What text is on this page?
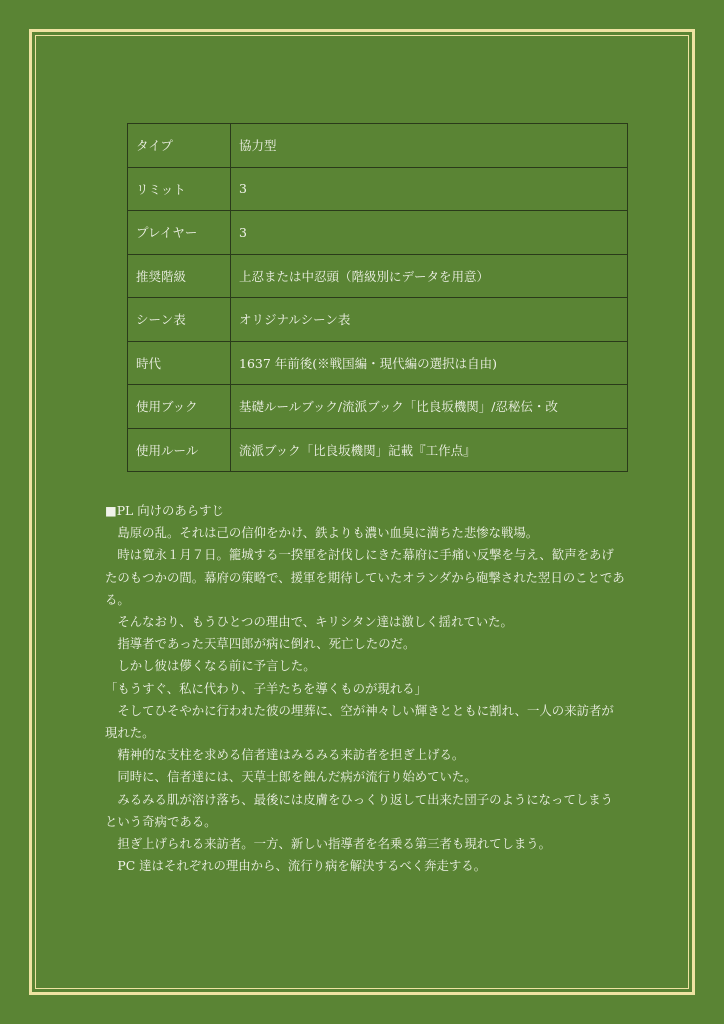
タイプ	協力型
リミット	3
プレイヤー	3
推奨階級	上忍または中忍頭（階級別にデータを用意）
シーン表	オリジナルシーン表
時代	1637 年前後(※戦国編・現代編の選択は自由)
使用ブック	基礎ルールブック/流派ブック「比良坂機関」/忍秘伝・改
使用ルール	流派ブック「比良坂機関」記載『工作点』

■PL 向けのあらすじ

島原の乱。それは己の信仰をかけ、鉄よりも濃い血臭に満ちた悲惨な戦場。

時は寛永１月７日。籠城する一揆軍を討伐しにきた幕府に手痛い反撃を与え、歓声をあげたのもつかの間。幕府の策略で、援軍を期待していたオランダから砲撃された翌日のことである。

そんなおり、もうひとつの理由で、キリシタン達は激しく揺れていた。

指導者であった天草四郎が病に倒れ、死亡したのだ。

しかし彼は儚くなる前に予言した。

「もうすぐ、私に代わり、子羊たちを導くものが現れる」

そしてひそやかに行われた彼の埋葬に、空が神々しい輝きとともに割れ、一人の来訪者が現れた。

精神的な支柱を求める信者達はみるみる来訪者を担ぎ上げる。

同時に、信者達には、天草士郎を蝕んだ病が流行り始めていた。

みるみる肌が溶け落ち、最後には皮膚をひっくり返して出来た団子のようになってしまうという奇病である。

担ぎ上げられる来訪者。一方、新しい指導者を名乗る第三者も現れてしまう。

PC 達はそれぞれの理由から、流行り病を解決するべく奔走する。
